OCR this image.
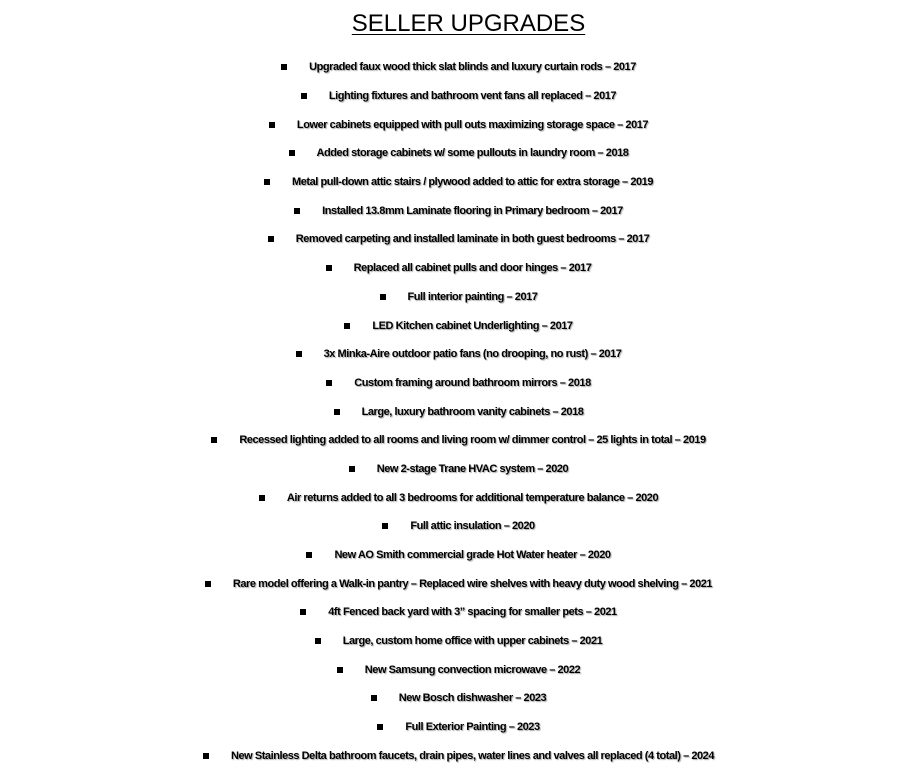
SELLER UPGRADES
Upgraded faux wood thick slat blinds and luxury curtain rods – 2017
Lighting fixtures and bathroom vent fans all replaced – 2017
Lower cabinets equipped with pull outs maximizing storage space – 2017
Added storage cabinets w/ some pullouts in laundry room – 2018
Metal pull-down attic stairs / plywood added to attic for extra storage – 2019
Installed 13.8mm Laminate flooring in Primary bedroom – 2017
Removed carpeting and installed laminate in both guest bedrooms – 2017
Replaced all cabinet pulls and door hinges – 2017
Full interior painting – 2017
LED Kitchen cabinet Underlighting – 2017
3x Minka-Aire outdoor patio fans (no drooping, no rust) – 2017
Custom framing around bathroom mirrors – 2018
Large, luxury bathroom vanity cabinets – 2018
Recessed lighting added to all rooms and living room w/ dimmer control – 25 lights in total – 2019
New 2-stage Trane HVAC system – 2020
Air returns added to all 3 bedrooms for additional temperature balance – 2020
Full attic insulation – 2020
New AO Smith commercial grade Hot Water heater – 2020
Rare model offering a Walk-in pantry – Replaced wire shelves with heavy duty wood shelving – 2021
4ft Fenced back yard with 3” spacing for smaller pets – 2021
Large, custom home office with upper cabinets – 2021
New Samsung convection microwave – 2022
New Bosch dishwasher – 2023
Full Exterior Painting – 2023
New Stainless Delta bathroom faucets, drain pipes, water lines and valves all replaced (4 total) – 2024
